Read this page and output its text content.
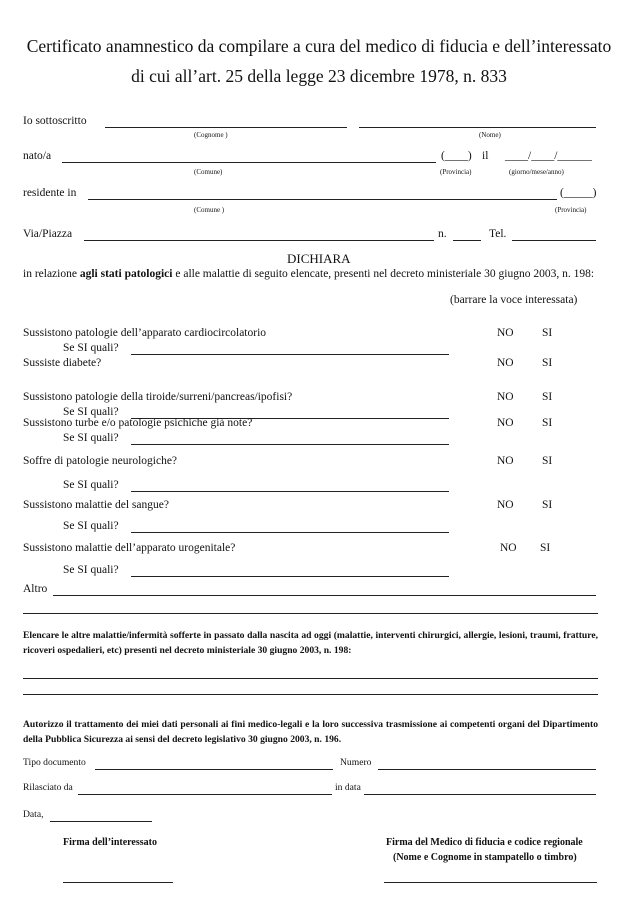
Certificato anamnestico da compilare a cura del medico di fiducia e dell’interessato
di cui all’art. 25 della legge 23 dicembre 1978, n. 833
Io sottoscritto
(Cognome )	(Nome)
nato/a	(____) il ____/____/______
(Comune)	(Provincia)	(giorno/mese/anno)
residente in	(_____)
(Comune )	(Provincia)
Via/Piazza	n.	Tel.
DICHIARA
in relazione agli stati patologici e alle malattie di seguito elencate, presenti nel decreto ministeriale 30 giugno 2003, n. 198:
(barrare la voce interessata)
Sussistono patologie dell’apparato cardiocircolatorio	NO SI
Se SI quali?
Sussiste diabete?	NO SI
Sussistono patologie della tiroide/surreni/pancreas/ipofisi?	NO SI
Se SI quali?
Sussistono turbe e/o patologie psichiche già note?	NO SI
Se SI quali?
Soffre di patologie neurologiche?	NO SI
Se SI quali?
Sussistono malattie del sangue?	NO SI
Se SI quali?
Sussistono malattie dell’apparato urogenitale?	NO SI
Se SI quali?
Altro
Elencare le altre malattie/infermità sofferte in passato dalla nascita ad oggi (malattie, interventi chirurgici, allergie, lesioni, traumi, fratture, ricoveri ospedalieri, etc) presenti nel decreto ministeriale 30 giugno 2003, n. 198:
Autorizzo il trattamento dei miei dati personali ai fini medico-legali e la loro successiva trasmissione ai competenti organi del Dipartimento della Pubblica Sicurezza ai sensi del decreto legislativo 30 giugno 2003, n. 196.
Tipo documento	Numero
Rilasciato da	in data
Data,
Firma dell’interessato	Firma del Medico di fiducia e codice regionale
(Nome e Cognome in stampatello o timbro)
